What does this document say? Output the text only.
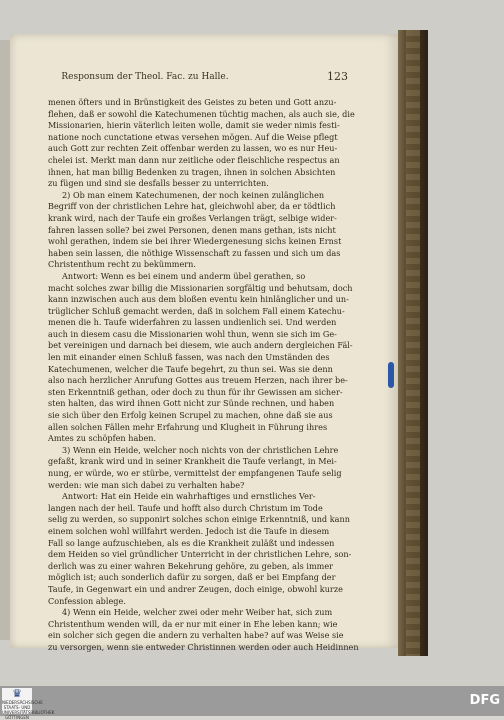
Responsum der Theol. Fac. zu Halle.	123
menen öfters und in Brünstigkeit des Geistes zu beten und Gott anzu-
flehen, daß er sowohl die Katechumenen tüchtig machen, als auch sie, die
Missionarien, hierin väterlich leiten wolle, damit sie weder nimis festi-
natione noch cunctatione etwas versehen mögen. Auf die Weise pflegt
auch Gott zur rechten Zeit offenbar werden zu lassen, wo es nur Heu-
chelei ist. Merkt man dann nur zeitliche oder fleischliche respectus an
ihnen, hat man billig Bedenken zu tragen, ihnen in solchen Absichten
zu fügen und sind sie desfalls besser zu unterrichten.
2) Ob man einem Katechumenen, der noch keinen zulänglichen
Begriff von der christlichen Lehre hat, gleichwohl aber, da er tödtlich
krank wird, nach der Taufe ein großes Verlangen trägt, selbige wider-
fahren lassen solle? bei zwei Personen, denen mans gethan, ists nicht
wohl gerathen, indem sie bei ihrer Wiedergenesung sichs keinen Ernst
haben sein lassen, die nöthige Wissenschaft zu fassen und sich um das
Christenthum recht zu bekümmern.
Antwort: Wenn es bei einem und anderm übel gerathen, so
macht solches zwar billig die Missionarien sorgfältig und behutsam, doch
kann inzwischen auch aus dem bloßen eventu kein hinlänglicher und un-
trüglicher Schluß gemacht werden, daß in solchem Fall einem Katechu-
menen die h. Taufe widerfahren zu lassen undienlich sei. Und werden
auch in diesem casu die Missionarien wohl thun, wenn sie sich im Ge-
bet vereinigen und darnach bei diesem, wie auch andern dergleichen Fäl-
len mit einander einen Schluß fassen, was nach den Umständen des
Katechumenen, welcher die Taufe begehrt, zu thun sei. Was sie denn
also nach herzlicher Anrufung Gottes aus treuem Herzen, nach ihrer be-
sten Erkenntniß gethan, oder doch zu thun für ihr Gewissen am sicher-
sten halten, das wird ihnen Gott nicht zur Sünde rechnen, und haben
sie sich über den Erfolg keinen Scrupel zu machen, ohne daß sie aus
allen solchen Fällen mehr Erfahrung und Klugheit in Führung ihres
Amtes zu schöpfen haben.
3) Wenn ein Heide, welcher noch nichts von der christlichen Lehre
gefaßt, krank wird und in seiner Krankheit die Taufe verlangt, in Mei-
nung, er würde, wo er stürbe, vermittelst der empfangenen Taufe selig
werden: wie man sich dabei zu verhalten habe?
Antwort: Hat ein Heide ein wahrhaftiges und ernstliches Ver-
langen nach der heil. Taufe und hofft also durch Christum im Tode
selig zu werden, so supponirt solches schon einige Erkenntniß, und kann
einem solchen wohl willfahrt werden. Jedoch ist die Taufe in diesem
Fall so lange aufzuschieben, als es die Krankheit zuläßt und indessen
dem Heiden so viel gründlicher Unterricht in der christlichen Lehre, son-
derlich was zu einer wahren Bekehrung gehöre, zu geben, als immer
möglich ist; auch sonderlich dafür zu sorgen, daß er bei Empfang der
Taufe, in Gegenwart ein und andrer Zeugen, doch einige, obwohl kurze
Confession ablege.
4) Wenn ein Heide, welcher zwei oder mehr Weiber hat, sich zum
Christenthum wenden will, da er nur mit einer in Ehe leben kann; wie
ein solcher sich gegen die andern zu verhalten habe? auf was Weise sie
zu versorgen, wenn sie entweder Christinnen werden oder auch Heidinnen
♛
NIEDERSÄCHSISCHE STAATS- UND UNIVERSITÄTSBIBLIOTHEK GÖTTINGEN
DFG
